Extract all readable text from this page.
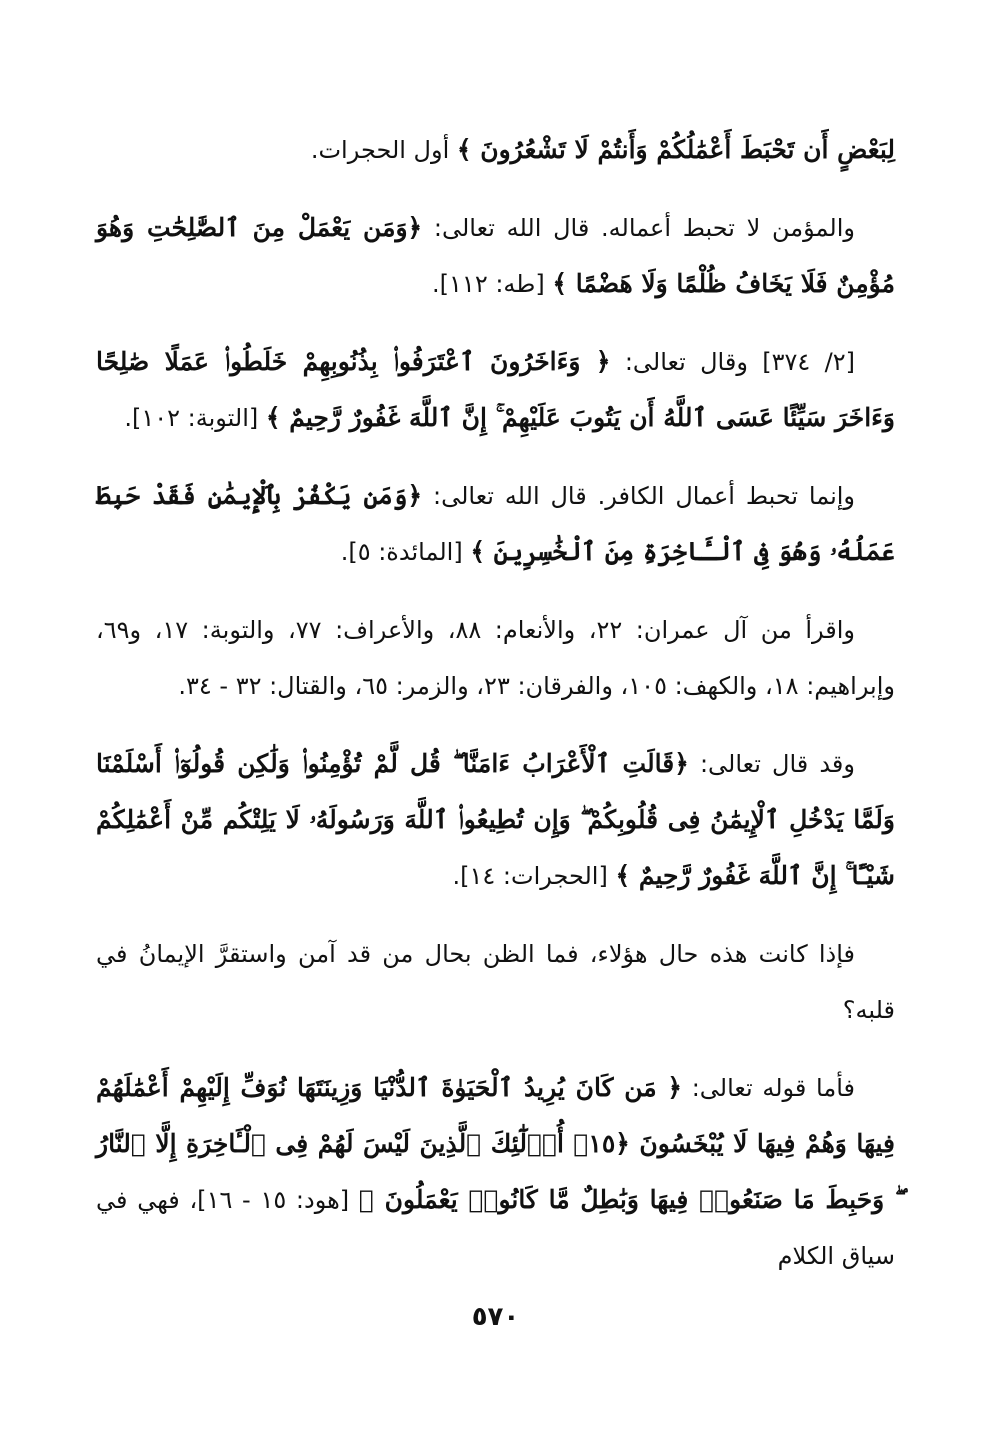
لِبَعْضٍ أَن تَحْبَطَ أَعْمَٰلُكُمْ وَأَنتُمْ لَا تَشْعُرُونَ ﴾ أول الحجرات.

والمؤمن لا تحبط أعماله. قال الله تعالى: ﴿وَمَن يَعْمَلْ مِنَ ٱلصَّٰلِحَٰتِ وَهُوَ مُؤْمِنٌ فَلَا يَخَافُ ظُلْمًا وَلَا هَضْمًا ﴾ [طه: ١١٢].

[٢/ ٣٧٤] وقال تعالى: ﴿ وَءَاخَرُونَ ٱعْتَرَفُوا۟ بِذُنُوبِهِمْ خَلَطُوا۟ عَمَلًا صَٰلِحًا وَءَاخَرَ سَيِّئًا عَسَى ٱللَّهُ أَن يَتُوبَ عَلَيْهِمْ ۚ إِنَّ ٱللَّهَ غَفُورٌ رَّحِيمٌ ﴾ [التوبة: ١٠٢].

وإنما تحبط أعمال الكافر. قال الله تعالى: ﴿وَمَن يَكْفُرْ بِٱلْإِيمَٰنِ فَقَدْ حَبِطَ عَمَلُهُۥ وَهُوَ فِى ٱلْـَٔاخِرَةِ مِنَ ٱلْخَٰسِرِينَ ﴾ [المائدة: ٥].

واقرأ من آل عمران: ٢٢، والأنعام: ٨٨، والأعراف: ٧٧، والتوبة: ١٧، و٦٩، وإبراهيم: ١٨، والكهف: ١٠٥، والفرقان: ٢٣، والزمر: ٦٥، والقتال: ٣٢ - ٣٤.

وقد قال تعالى: ﴿قَالَتِ ٱلْأَعْرَابُ ءَامَنَّا ۖ قُل لَّمْ تُؤْمِنُوا۟ وَلَٰكِن قُولُوٓا۟ أَسْلَمْنَا وَلَمَّا يَدْخُلِ ٱلْإِيمَٰنُ فِى قُلُوبِكُمْ ۖ وَإِن تُطِيعُوا۟ ٱللَّهَ وَرَسُولَهُۥ لَا يَلِتْكُم مِّنْ أَعْمَٰلِكُمْ شَيْـًٔا ۚ إِنَّ ٱللَّهَ غَفُورٌ رَّحِيمٌ ﴾ [الحجرات: ١٤].

فإذا كانت هذه حال هؤلاء، فما الظن بحال من قد آمن واستقرَّ الإيمانُ في قلبه؟

فأما قوله تعالى: ﴿ مَن كَانَ يُرِيدُ ٱلْحَيَوٰةَ ٱلدُّنْيَا وَزِينَتَهَا نُوَفِّ إِلَيْهِمْ أَعْمَٰلَهُمْ فِيهَا وَهُمْ فِيهَا لَا يُبْخَسُونَ ﴿١٥﴾ أُو۟لَٰٓئِكَ ٱلَّذِينَ لَيْسَ لَهُمْ فِى ٱلْـَٔاخِرَةِ إِلَّا ٱلنَّارُ ۖ وَحَبِطَ مَا صَنَعُوا۟ فِيهَا وَبَٰطِلٌ مَّا كَانُوا۟ يَعْمَلُونَ ﴾ [هود: ١٥ - ١٦]، فهي في سياق الكلام

٥٧٠
